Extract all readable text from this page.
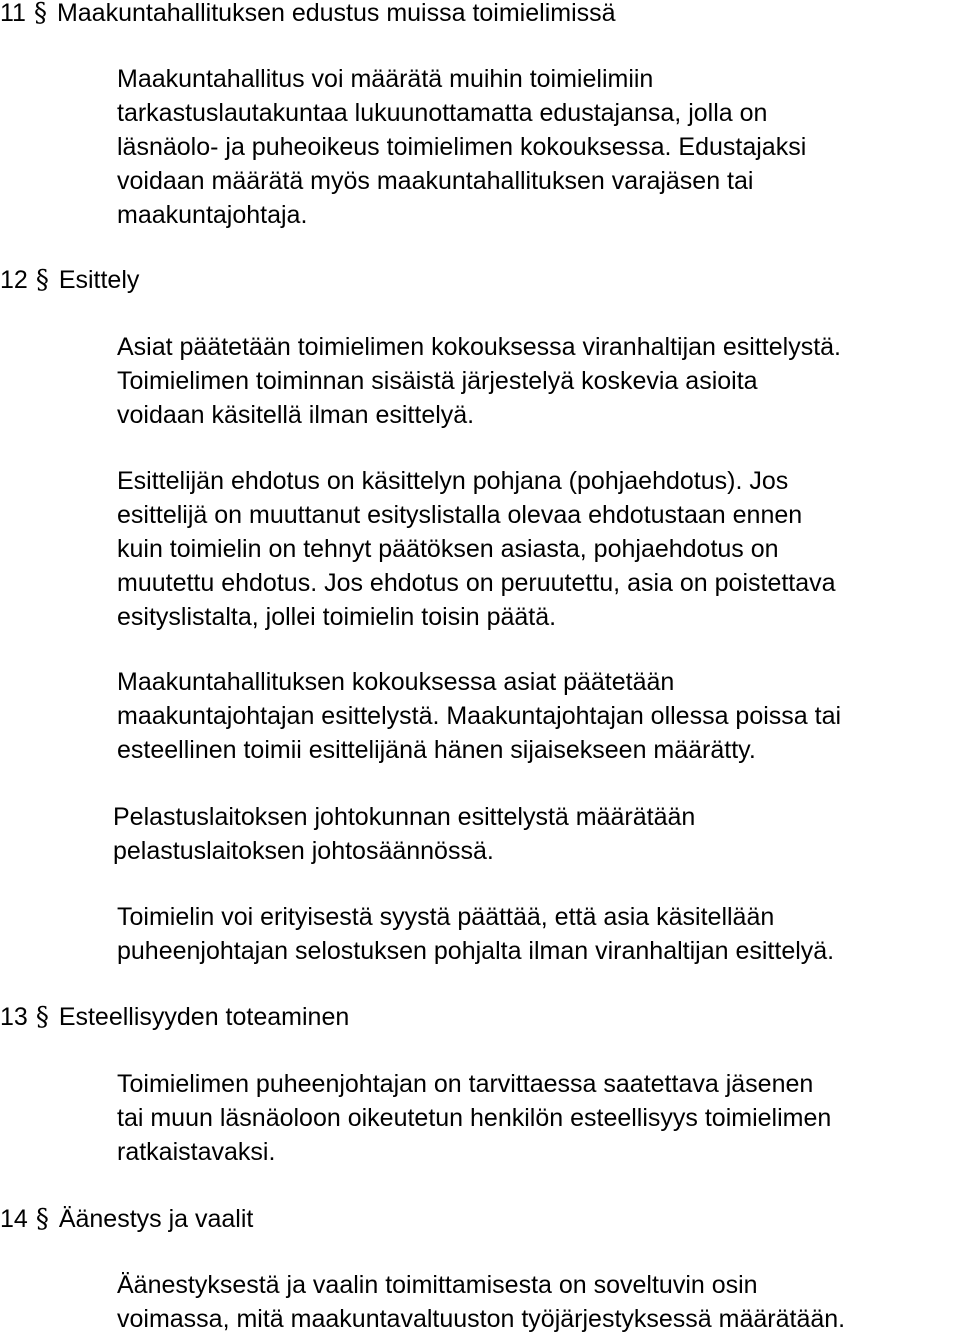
11 § Maakuntahallituksen edustus muissa toimielimissä
Maakuntahallitus voi määrätä muihin toimielimiin
tarkastuslautakuntaa lukuunottamatta edustajansa, jolla on
läsnäolo- ja puheoikeus toimielimen kokouksessa. Edustajaksi
voidaan määrätä myös maakuntahallituksen varajäsen tai
maakuntajohtaja.
12 § Esittely
Asiat päätetään toimielimen kokouksessa viranhaltijan esittelystä.
Toimielimen toiminnan sisäistä järjestelyä koskevia asioita
voidaan käsitellä ilman esittelyä.
Esittelijän ehdotus on käsittelyn pohjana (pohjaehdotus). Jos
esittelijä on muuttanut esityslistalla olevaa ehdotustaan ennen
kuin toimielin on tehnyt päätöksen asiasta, pohjaehdotus on
muutettu ehdotus. Jos ehdotus on peruutettu, asia on poistettava
esityslistalta, jollei toimielin toisin päätä.
Maakuntahallituksen kokouksessa asiat päätetään
maakuntajohtajan esittelystä. Maakuntajohtajan ollessa poissa tai
esteellinen toimii esittelijänä hänen sijaisekseen määrätty.
Pelastuslaitoksen johtokunnan esittelystä määrätään
pelastuslaitoksen johtosäännössä.
Toimielin voi erityisestä syystä päättää, että asia käsitellään
puheenjohtajan selostuksen pohjalta ilman viranhaltijan esittelyä.
13 § Esteellisyyden toteaminen
Toimielimen puheenjohtajan on tarvittaessa saatettava jäsenen
tai muun läsnäoloon oikeutetun henkilön esteellisyys toimielimen
ratkaistavaksi.
14 § Äänestys ja vaalit
Äänestyksestä ja vaalin toimittamisesta on soveltuvin osin
voimassa, mitä maakuntavaltuuston työjärjestyksessä määrätään.
